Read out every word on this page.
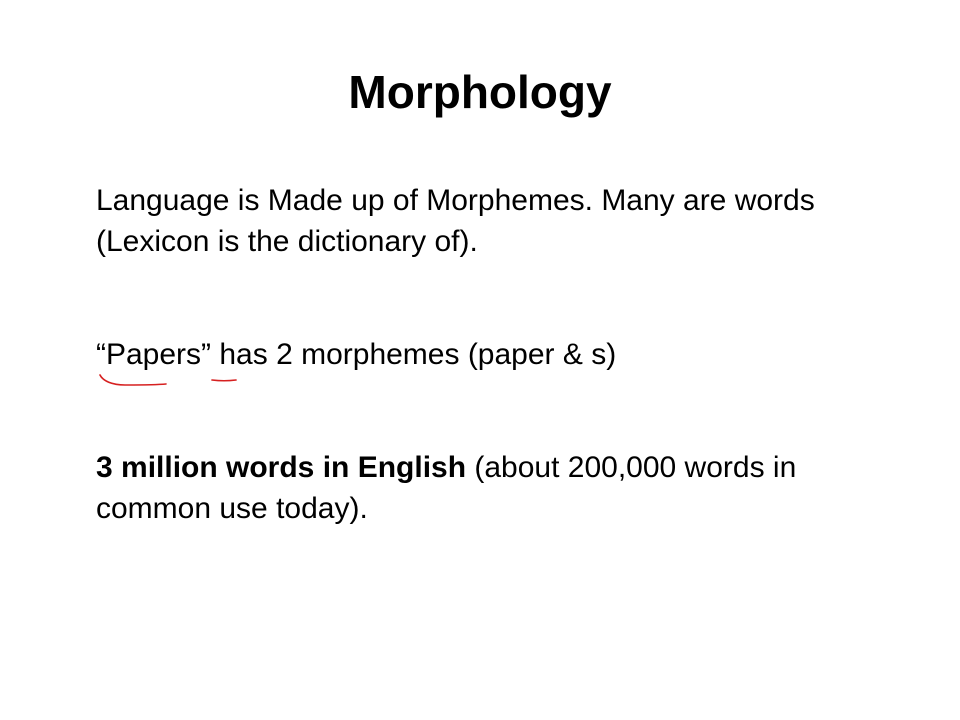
Morphology

Language is Made up of Morphemes. Many are words (Lexicon is the dictionary of).

“Papers” has 2 morphemes (paper & s)

3 million words in English (about 200,000 words in common use today).
